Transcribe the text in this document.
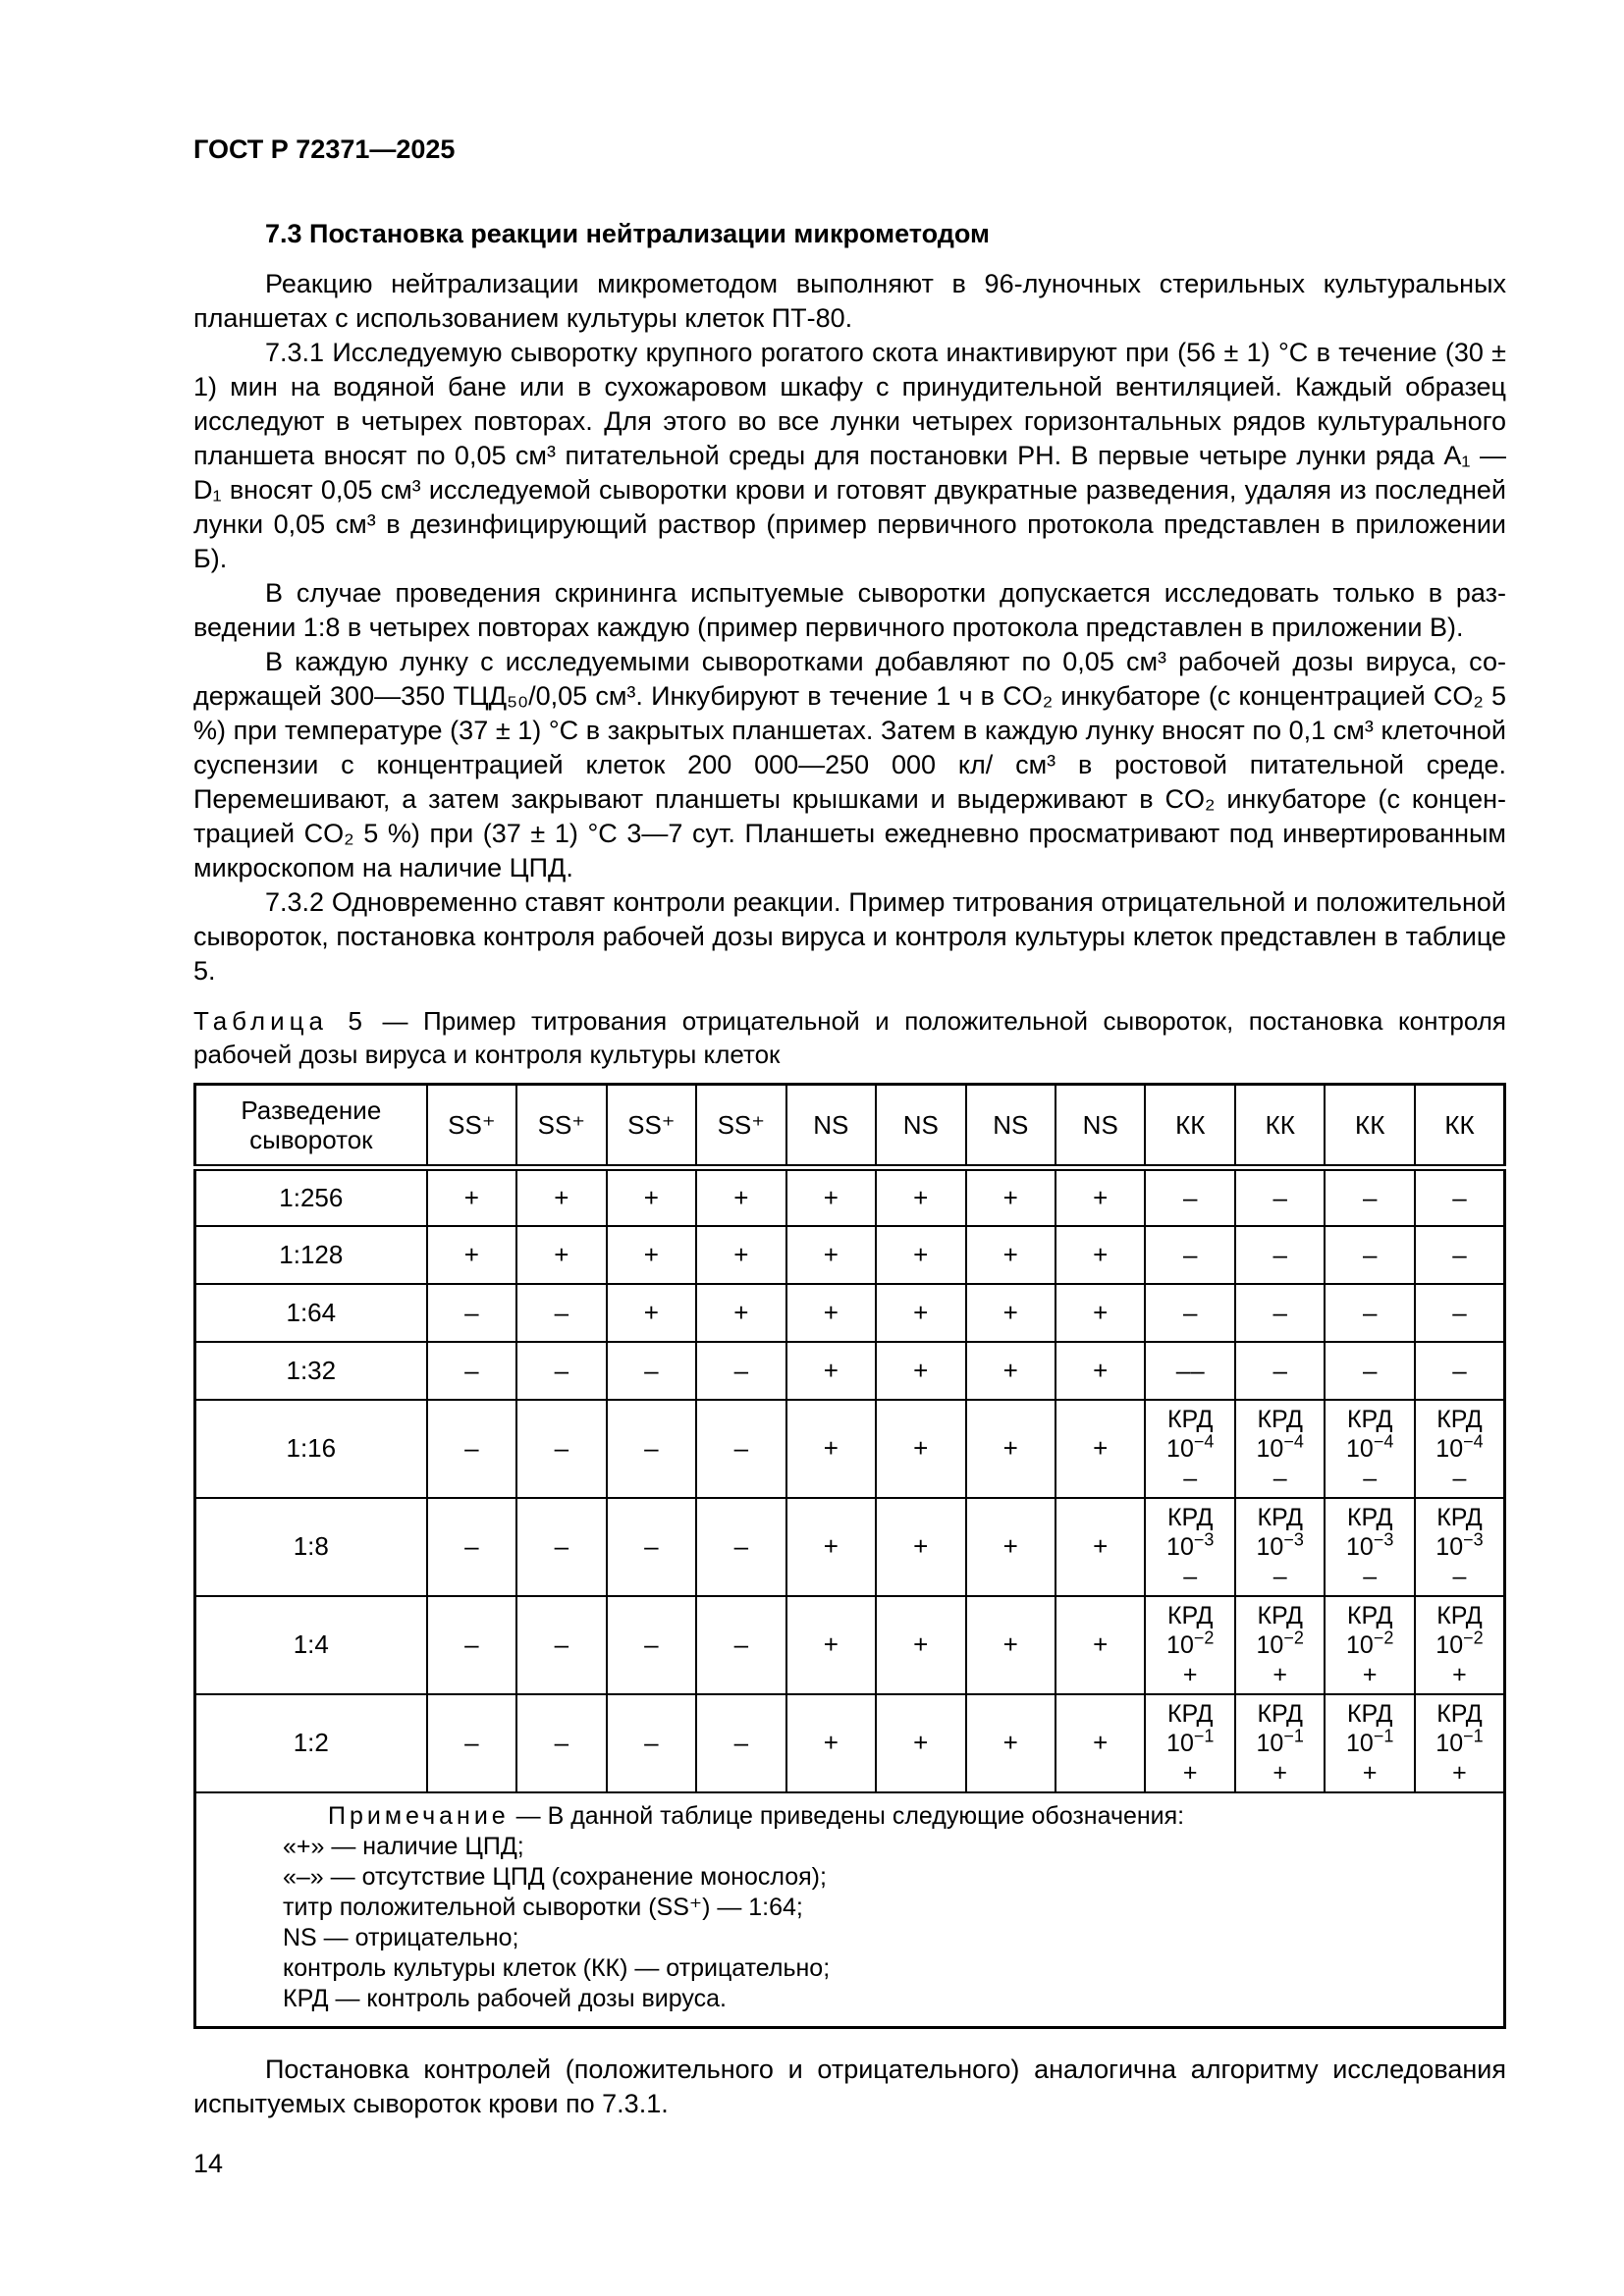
ГОСТ Р 72371—2025
7.3 Постановка реакции нейтрализации микрометодом

Реакцию нейтрализации микрометодом выполняют в 96-луночных стерильных культуральных планшетах с использованием культуры клеток ПТ-80.

7.3.1 Исследуемую сыворотку крупного рогатого скота инактивируют при (56 ± 1) °С в течение (30 ± 1) мин на водяной бане или в сухожаровом шкафу с принудительной вентиляцией. Каждый образец исследуют в четырех повторах. Для этого во все лунки четырех горизонтальных рядов культурального планшета вносят по 0,05 см³ питательной среды для постановки РН. В первые четыре лунки ряда A₁ — D₁ вносят 0,05 см³ исследуемой сыворотки крови и готовят двукратные разведения, удаляя из последней лунки 0,05 см³ в дезинфицирующий раствор (пример первичного протокола представлен в приложении Б).

В случае проведения скрининга испытуемые сыворотки допускается исследовать только в разведении 1:8 в четырех повторах каждую (пример первичного протокола представлен в приложении В).

В каждую лунку с исследуемыми сыворотками добавляют по 0,05 см³ рабочей дозы вируса, содержащей 300—350 ТЦД₅₀/0,05 см³. Инкубируют в течение 1 ч в CO₂ инкубаторе (с концентрацией CO₂ 5 %) при температуре (37 ± 1) °С в закрытых планшетах. Затем в каждую лунку вносят по 0,1 см³ клеточной суспензии с концентрацией клеток 200 000—250 000 кл/ см³ в ростовой питательной среде. Перемешивают, а затем закрывают планшеты крышками и выдерживают в CO₂ инкубаторе (с концентрацией CO₂ 5 %) при (37 ± 1) °С 3—7 сут. Планшеты ежедневно просматривают под инвертированным микроскопом на наличие ЦПД.

7.3.2 Одновременно ставят контроли реакции. Пример титрования отрицательной и положительной сывороток, постановка контроля рабочей дозы вируса и контроля культуры клеток представлен в таблице 5.

Таблица 5 — Пример титрования отрицательной и положительной сывороток, постановка контроля рабочей дозы вируса и контроля культуры клеток

Разведение сывороток	SS⁺	SS⁺	SS⁺	SS⁺	NS	NS	NS	NS	КК	КК	КК	КК
1:256	+	+	+	+	+	+	+	+	–	–	–	–
1:128	+	+	+	+	+	+	+	+	–	–	–	–
1:64	–	–	+	+	+	+	+	+	–	–	–	–
1:32	–	–	–	–	+	+	+	+	––	–	–	–
1:16	–	–	–	–	+	+	+	+	КРД
$10^{-4}$
–	КРД
$10^{-4}$
–	КРД
$10^{-4}$
–	КРД
$10^{-4}$
–
1:8	–	–	–	–	+	+	+	+	КРД
$10^{-3}$
–	КРД
$10^{-3}$
–	КРД
$10^{-3}$
–	КРД
$10^{-3}$
–
1:4	–	–	–	–	+	+	+	+	КРД
$10^{-2}$
+	КРД
$10^{-2}$
+	КРД
$10^{-2}$
+	КРД
$10^{-2}$
+
1:2	–	–	–	–	+	+	+	+	КРД
$10^{-1}$
+	КРД
$10^{-1}$
+	КРД
$10^{-1}$
+	КРД
$10^{-1}$
+

Примечание — В данной таблице приведены следующие обозначения:
«+» — наличие ЦПД;
«–» — отсутствие ЦПД (сохранение монослоя);
титр положительной сыворотки (SS⁺) — 1:64;
NS — отрицательно;
контроль культуры клеток (КК) — отрицательно;
КРД — контроль рабочей дозы вируса.

Постановка контролей (положительного и отрицательного) аналогична алгоритму исследования испытуемых сывороток крови по 7.3.1.

14
